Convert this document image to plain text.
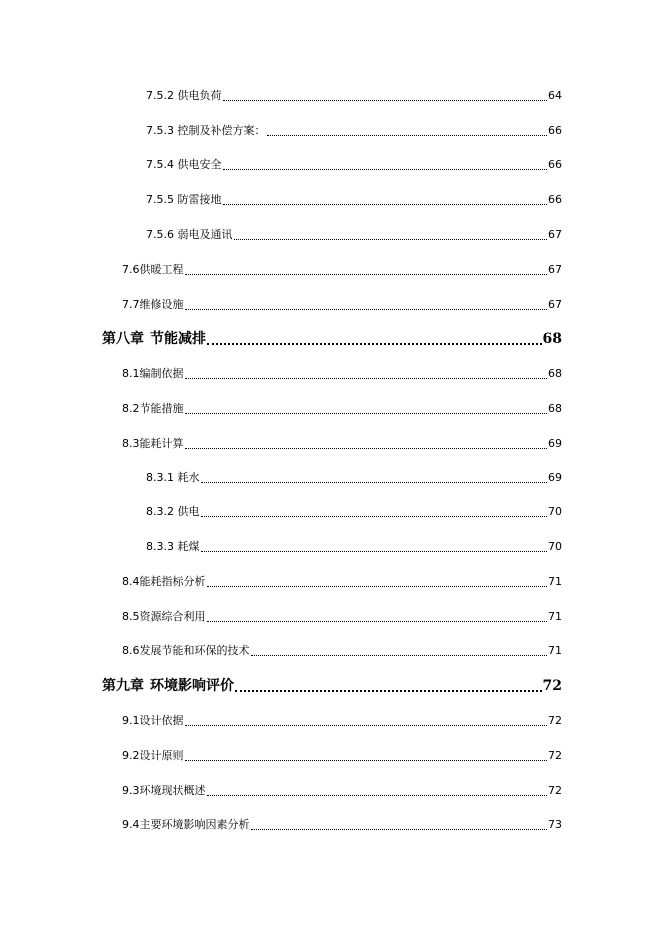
7.5.2 供电负荷	64
7.5.3 控制及补偿方案：	66
7.5.4 供电安全	66
7.5.5 防雷接地	66
7.5.6 弱电及通讯	67
7.6供暖工程	67
7.7维修设施	67
第八章 节能减排	68
8.1编制依据	68
8.2节能措施	68
8.3能耗计算	69
8.3.1 耗水	69
8.3.2 供电	70
8.3.3 耗煤	70
8.4能耗指标分析	71
8.5资源综合利用	71
8.6发展节能和环保的技术	71
第九章 环境影响评价	72
9.1设计依据	72
9.2设计原则	72
9.3环境现状概述	72
9.4主要环境影响因素分析	73
